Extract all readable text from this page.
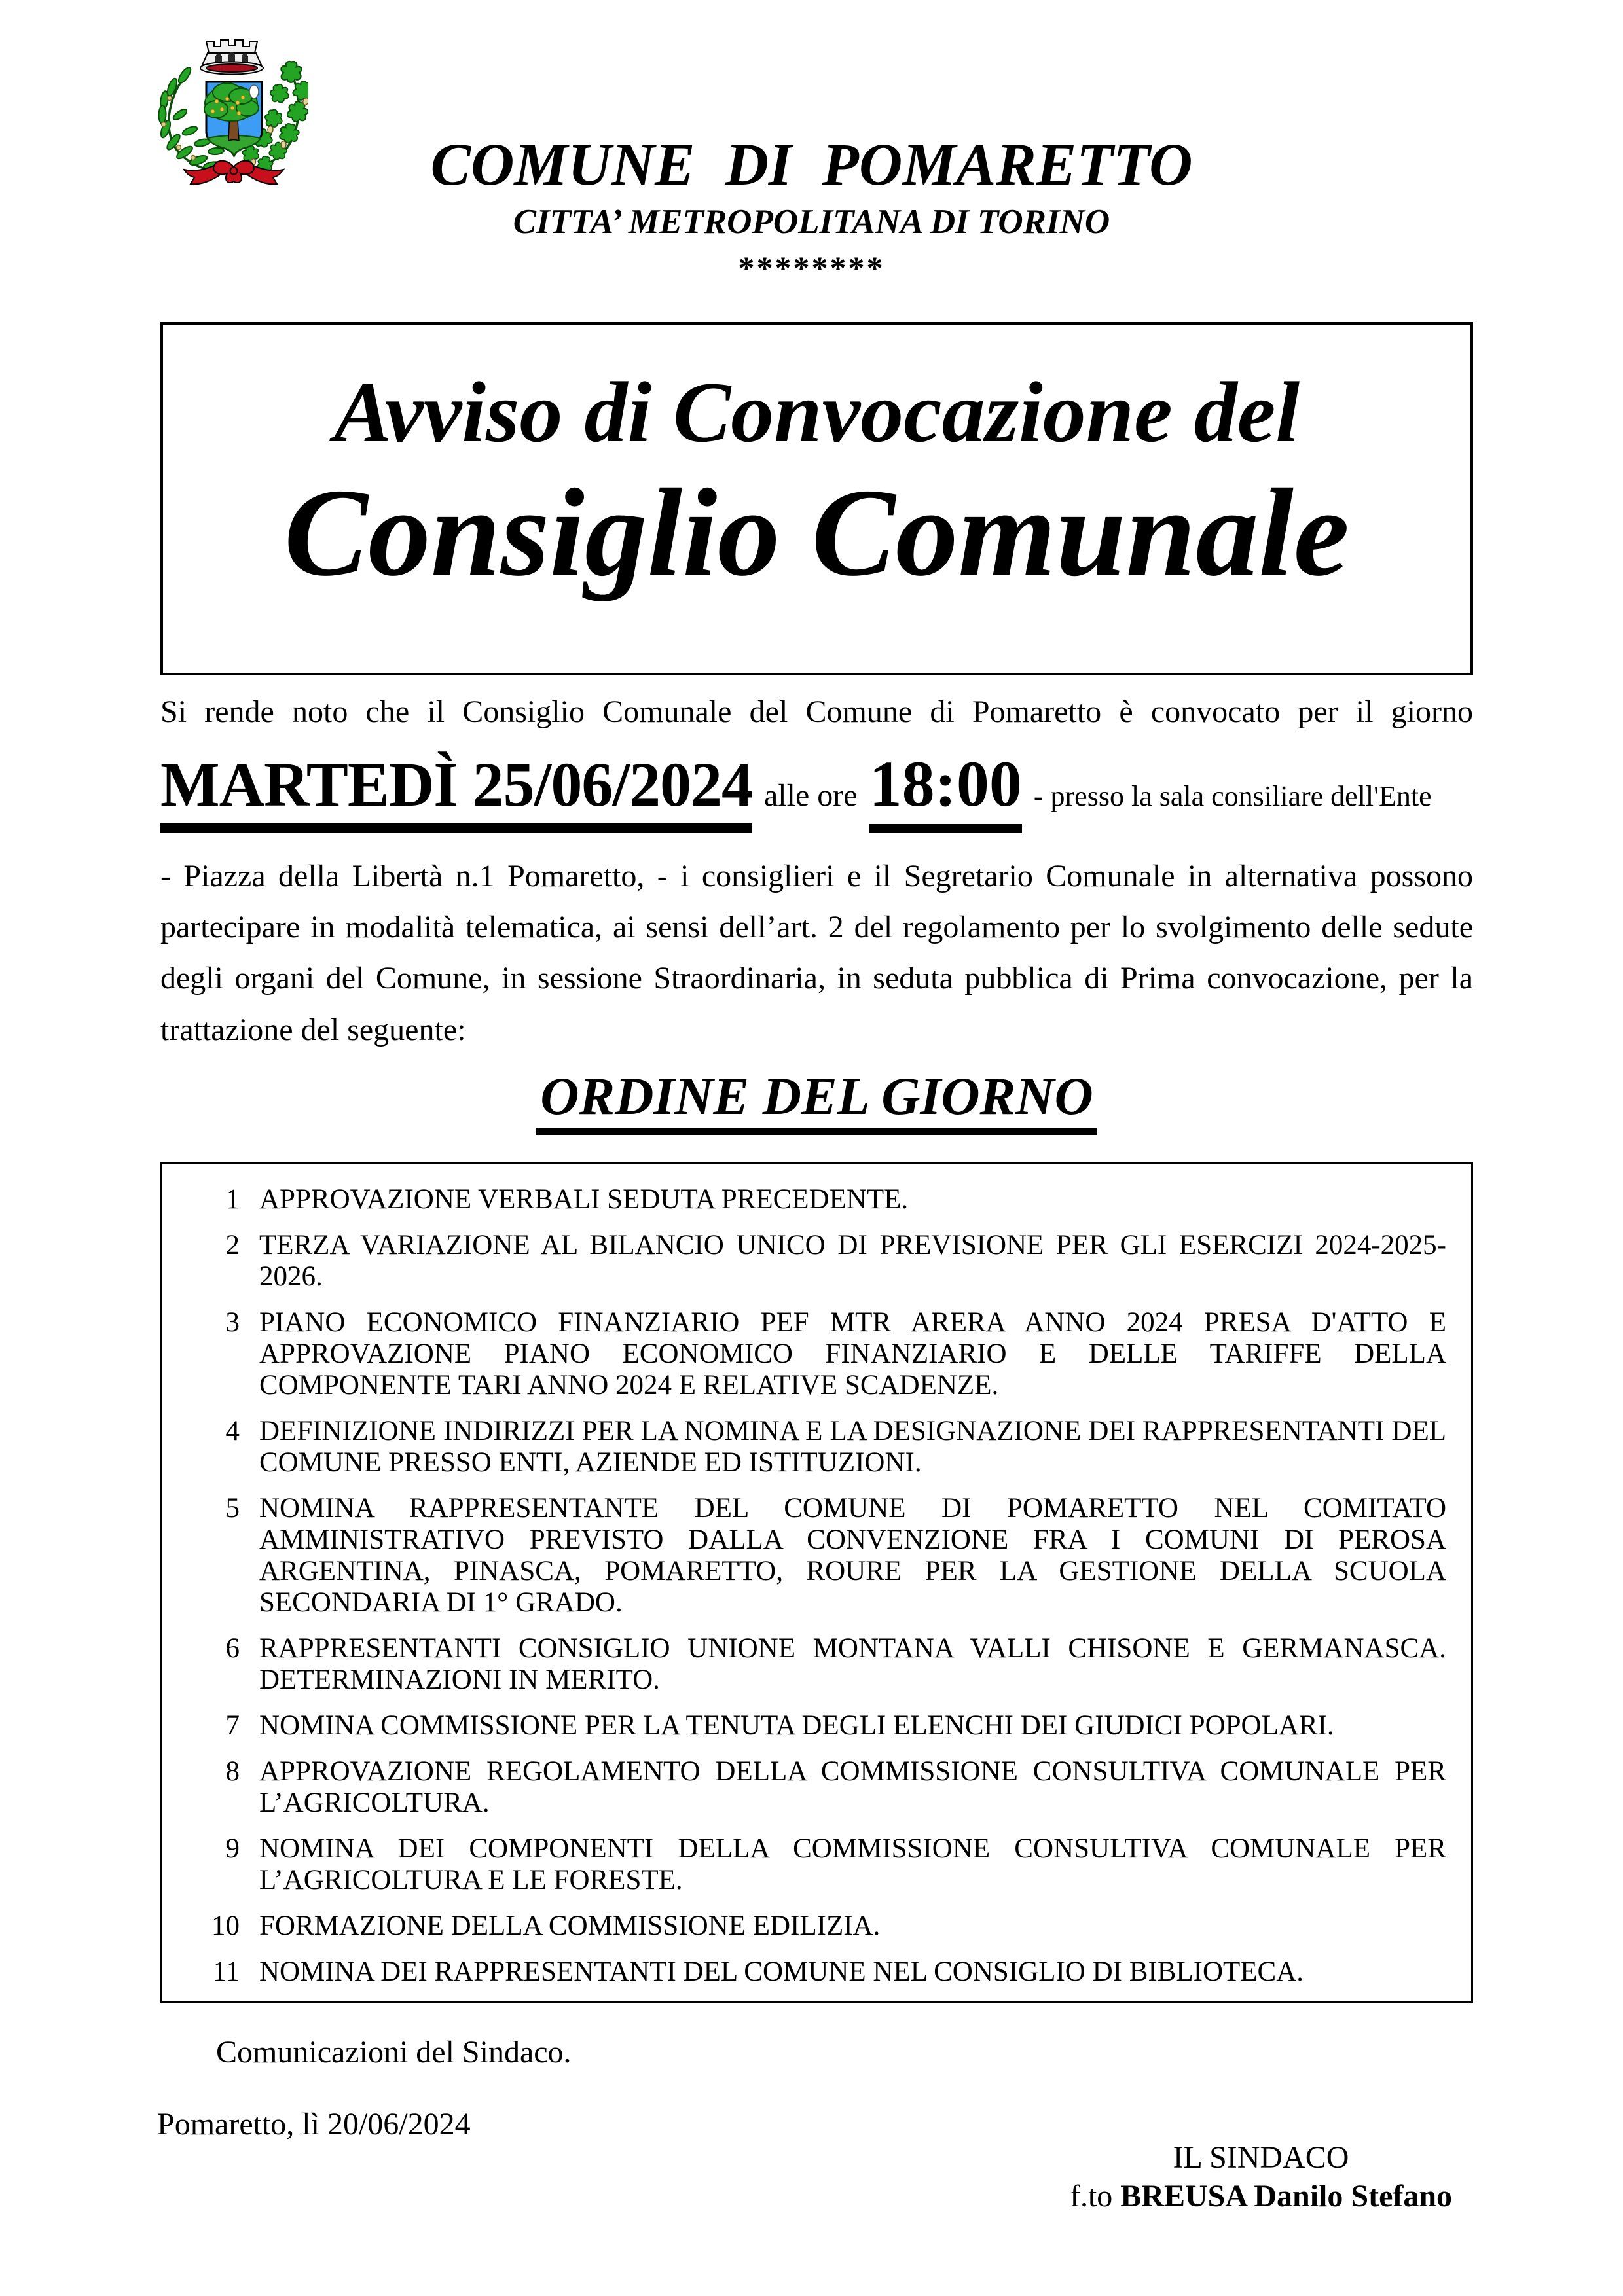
COMUNE  DI  POMARETTO
CITTA’ METROPOLITANA DI TORINO
********
Avviso di Convocazione del
Consiglio Comunale
Si rende noto che il Consiglio Comunale del Comune di Pomaretto è convocato per il giorno
MARTEDÌ 25/06/2024 alle ore 18:00 - presso la sala consiliare dell'Ente
- Piazza della Libertà n.1 Pomaretto, - i consiglieri e il Segretario Comunale in alternativa possono partecipare in modalità telematica, ai sensi dell’art. 2 del regolamento per lo svolgimento delle sedute degli organi del Comune, in sessione Straordinaria, in seduta pubblica di Prima convocazione, per la trattazione del seguente:
ORDINE DEL GIORNO
1 APPROVAZIONE VERBALI SEDUTA PRECEDENTE.
2 TERZA VARIAZIONE AL BILANCIO UNICO DI PREVISIONE PER GLI ESERCIZI 2024-2025-2026.
3 PIANO ECONOMICO FINANZIARIO PEF MTR ARERA ANNO 2024 PRESA D'ATTO E APPROVAZIONE PIANO ECONOMICO FINANZIARIO E DELLE TARIFFE DELLA COMPONENTE TARI ANNO 2024 E RELATIVE SCADENZE.
4 DEFINIZIONE INDIRIZZI PER LA NOMINA E LA DESIGNAZIONE DEI RAPPRESENTANTI DEL COMUNE PRESSO ENTI, AZIENDE ED ISTITUZIONI.
5 NOMINA RAPPRESENTANTE DEL COMUNE DI POMARETTO NEL COMITATO AMMINISTRATIVO PREVISTO DALLA CONVENZIONE FRA I COMUNI DI PEROSA ARGENTINA, PINASCA, POMARETTO, ROURE PER LA GESTIONE DELLA SCUOLA SECONDARIA DI 1° GRADO.
6 RAPPRESENTANTI CONSIGLIO UNIONE MONTANA VALLI CHISONE E GERMANASCA. DETERMINAZIONI IN MERITO.
7 NOMINA COMMISSIONE PER LA TENUTA DEGLI ELENCHI DEI GIUDICI POPOLARI.
8 APPROVAZIONE REGOLAMENTO DELLA COMMISSIONE CONSULTIVA COMUNALE PER L’AGRICOLTURA.
9 NOMINA DEI COMPONENTI DELLA COMMISSIONE CONSULTIVA COMUNALE PER L’AGRICOLTURA E LE FORESTE.
10 FORMAZIONE DELLA COMMISSIONE EDILIZIA.
11 NOMINA DEI RAPPRESENTANTI DEL COMUNE NEL CONSIGLIO DI BIBLIOTECA.
Comunicazioni del Sindaco.
Pomaretto, lì 20/06/2024
IL SINDACO
f.to BREUSA Danilo Stefano
